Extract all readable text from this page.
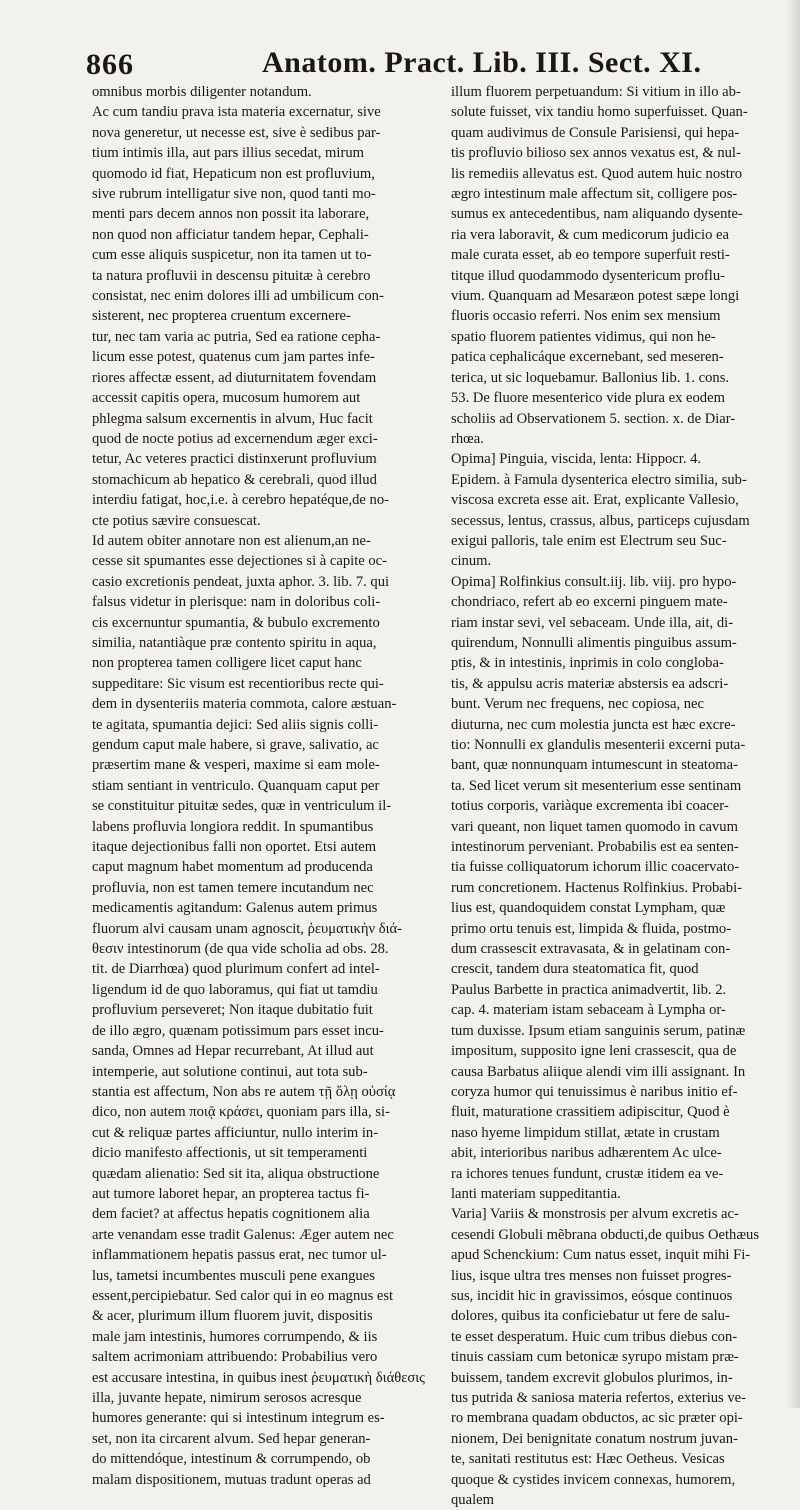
866	Anatom. Pract. Lib. III. Sect. XI.
omnibus morbis diligenter notandum.
Ac cum tandiu prava ista materia excernatur, sive
nova generetur, ut necesse est, sive è sedibus par-
tium intimis illa, aut pars illius secedat, mirum
quomodo id fiat, Hepaticum non est profluvium,
sive rubrum intelligatur sive non, quod tanti mo-
menti pars decem annos non possit ita laborare,
non quod non afficiatur tandem hepar, Cephali-
cum esse aliquis suspicetur, non ita tamen ut to-
ta natura profluvii in descensu pituitæ à cerebro
consistat, nec enim dolores illi ad umbilicum con-
sisterent, nec propterea cruentum excernere-
tur, nec tam varia ac putria, Sed ea ratione cepha-
licum esse potest, quatenus cum jam partes infe-
riores affectæ essent, ad diuturnitatem fovendam
accessit capitis opera, mucosum humorem aut
phlegma salsum excernentis in alvum, Huc facit
quod de nocte potius ad excernendum æger exci-
tetur, Ac veteres practici distinxerunt profluvium
stomachicum ab hepatico & cerebrali, quod illud
interdiu fatigat, hoc,i.e. à cerebro hepatéque,de no-
cte potius sævire consuescat.
Id autem obiter annotare non est alienum,an ne-
cesse sit spumantes esse dejectiones si à capite oc-
casio excretionis pendeat, juxta aphor. 3. lib. 7. qui
falsus videtur in plerisque: nam in doloribus coli-
cis excernuntur spumantia, & bubulo excremento
similia, natantiàque præ contento spiritu in aqua,
non propterea tamen colligere licet caput hanc
suppeditare: Sic visum est recentioribus recte qui-
dem in dysenteriis materia commota, calore æstuan-
te agitata, spumantia dejici: Sed aliis signis colli-
gendum caput male habere, si grave, salivatio, ac
præsertim mane & vesperi, maxime si eam mole-
stiam sentiant in ventriculo. Quanquam caput per
se constituitur pituitæ sedes, quæ in ventriculum il-
labens profluvia longiora reddit. In spumantibus
itaque dejectionibus falli non oportet. Etsi autem
caput magnum habet momentum ad producenda
profluvia, non est tamen temere incutandum nec
medicamentis agitandum: Galenus autem primus
fluorum alvi causam unam agnoscit, ῥευματικὴν διά-
θεσιν intestinorum (de qua vide scholia ad obs. 28.
tit. de Diarrhœa) quod plurimum confert ad intel-
ligendum id de quo laboramus, qui fiat ut tamdiu
profluvium perseveret; Non itaque dubitatio fuit
de illo ægro, quænam potissimum pars esset incu-
sanda, Omnes ad Hepar recurrebant, At illud aut
intemperie, aut solutione continui, aut tota sub-
stantia est affectum, Non abs re autem τῇ ὅλῃ οὐσίᾳ
dico, non autem ποιᾷ κράσει, quoniam pars illa, si-
cut & reliquæ partes afficiuntur, nullo interim in-
dicio manifesto affectionis, ut sit temperamenti
quædam alienatio: Sed sit ita, aliqua obstructione
aut tumore laboret hepar, an propterea tactus fi-
dem faciet? at affectus hepatis cognitionem alia
arte venandam esse tradit Galenus: Æger autem nec
inflammationem hepatis passus erat, nec tumor ul-
lus, tametsi incumbentes musculi pene exangues
essent,percipiebatur. Sed calor qui in eo magnus est
& acer, plurimum illum fluorem juvit, dispositis
male jam intestinis, humores corrumpendo, & iis
saltem acrimoniam attribuendo: Probabilius vero
est accusare intestina, in quibus inest ῥευματικὴ διάθεσις
illa, juvante hepate, nimirum serosos acresque
humores generante: qui si intestinum integrum es-
set, non ita circarent alvum. Sed hepar generan-
do mittendóque, intestinum & corrumpendo, ob
malam dispositionem, mutuas tradunt operas ad
illum fluorem perpetuandum: Si vitium in illo ab-
solute fuisset, vix tandiu homo superfuisset. Quan-
quam audivimus de Consule Parisiensi, qui hepa-
tis profluvio bilioso sex annos vexatus est, & nul-
lis remediis allevatus est. Quod autem huic nostro
ægro intestinum male affectum sit, colligere pos-
sumus ex antecedentibus, nam aliquando dysente-
ria vera laboravit, & cum medicorum judicio ea
male curata esset, ab eo tempore superfuit resti-
titque illud quodammodo dysentericum proflu-
vium. Quanquam ad Mesaræon potest sæpe longi
fluoris occasio referri. Nos enim sex mensium
spatio fluorem patientes vidimus, qui non he-
patica cephalicáque excernebant, sed meseren-
terica, ut sic loquebamur. Ballonius lib. 1. cons.
53. De fluore mesenterico vide plura ex eodem
scholiis ad Observationem 5. section. x. de Diar-
rhœa.
Opima] Pinguia, viscida, lenta: Hippocr. 4.
Epidem. à Famula dysenterica electro similia, sub-
viscosa excreta esse ait. Erat, explicante Vallesio,
secessus, lentus, crassus, albus, particeps cujusdam
exigui palloris, tale enim est Electrum seu Suc-
cinum.
Opima] Rolfinkius consult.iij. lib. viij. pro hypo-
chondriaco, refert ab eo excerni pinguem mate-
riam instar sevi, vel sebaceam. Unde illa, ait, di-
quirendum, Nonnulli alimentis pinguibus assum-
ptis, & in intestinis, inprimis in colo congloba-
tis, & appulsu acris materiæ abstersis ea adscri-
bunt. Verum nec frequens, nec copiosa, nec
diuturna, nec cum molestia juncta est hæc excre-
tio: Nonnulli ex glandulis mesenterii excerni puta-
bant, quæ nonnunquam intumescunt in steatoma-
ta. Sed licet verum sit mesenterium esse sentinam
totius corporis, variàque excrementa ibi coacer-
vari queant, non liquet tamen quomodo in cavum
intestinorum perveniant. Probabilis est ea senten-
tia fuisse colliquatorum ichorum illic coacervato-
rum concretionem. Hactenus Rolfinkius. Probabi-
lius est, quandoquidem constat Lympham, quæ
primo ortu tenuis est, limpida & fluida, postmo-
dum crassescit extravasata, & in gelatinam con-
crescit, tandem dura steatomatica fit, quod
Paulus Barbette in practica animadvertit, lib. 2.
cap. 4. materiam istam sebaceam à Lympha or-
tum duxisse. Ipsum etiam sanguinis serum, patinæ
impositum, supposito igne leni crassescit, qua de
causa Barbatus aliique alendi vim illi assignant. In
coryza humor qui tenuissimus è naribus initio ef-
fluit, maturatione crassitiem adipiscitur, Quod è
naso hyeme limpidum stillat, ætate in crustam
abit, interioribus naribus adhærentem Ac ulce-
ra ichores tenues fundunt, crustæ itidem ea ve-
lanti materiam suppeditantia.
Varia] Variis & monstrosis per alvum excretis ac-
cesendi Globuli mẽbrana obducti,de quibus Oethæus
apud Schenckium: Cum natus esset, inquit mihi Fi-
lius, isque ultra tres menses non fuisset progres-
sus, incidit hic in gravissimos, eósque continuos
dolores, quibus ita conficiebatur ut fere de salu-
te esset desperatum. Huic cum tribus diebus con-
tinuis cassiam cum betonicæ syrupo mistam præ-
buissem, tandem excrevit globulos plurimos, in-
tus putrida & saniosa materia refertos, exterius ve-
ro membrana quadam obductos, ac sic præter opi-
nionem, Dei benignitate conatum nostrum juvan-
te, sanitati restitutus est: Hæc Oetheus. Vesicas
quoque & cystides invicem connexas, humorem,
qualem
